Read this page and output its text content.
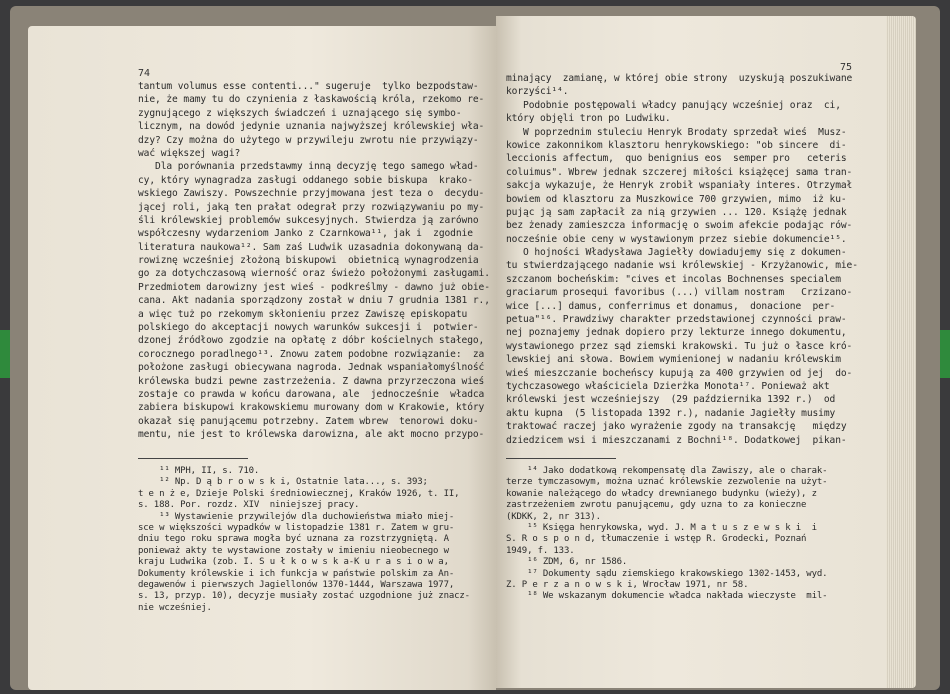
74
tantum volumus esse contenti..." sugeruje  tylko bezpodstaw-
nie, że mamy tu do czynienia z łaskawością króla, rzekomo re-
zygnującego z większych świadczeń i uznającego się symbo-
licznym, na dowód jedynie uznania najwyższej królewskiej wła-
dzy? Czy można do użytego w przywileju zwrotu nie przywiązy-
wać większej wagi?
Dla porównania przedstawmy inną decyzję tego samego wład-
cy, który wynagradza zasługi oddanego sobie biskupa  krako-
wskiego Zawiszy. Powszechnie przyjmowana jest teza o  decydu-
jącej roli, jaką ten prałat odegrał przy rozwiązywaniu po my-
śli królewskiej problemów sukcesyjnych. Stwierdza ją zarówno
współczesny wydarzeniom Janko z Czarnkowa¹¹, jak i  zgodnie
literatura naukowa¹². Sam zaś Ludwik uzasadnia dokonywaną da-
rowiznę wcześniej złożoną biskupowi  obietnicą wynagrodzenia
go za dotychczasową wierność oraz świeżo położonymi zasługami.
Przedmiotem darowizny jest wieś - podkreślmy - dawno już obie-
cana. Akt nadania sporządzony został w dniu 7 grudnia 1381 r.,
a więc tuż po rzekomym skłonieniu przez Zawiszę episkopatu
polskiego do akceptacji nowych warunków sukcesji i  potwier-
dzonej źródłowo zgodzie na opłatę z dóbr kościelnych stałego,
corocznego poradlnego¹³. Znowu zatem podobne rozwiązanie:  za
położone zasługi obiecywana nagroda. Jednak wspaniałomyślność
królewska budzi pewne zastrzeżenia. Z dawna przyrzeczona wieś
zostaje co prawda w końcu darowana, ale  jednocześnie  władca
zabiera biskupowi krakowskiemu murowany dom w Krakowie, który
okazał się panującemu potrzebny. Zatem wbrew  tenorowi doku-
mentu, nie jest to królewska darowizna, ale akt mocno przypo-
¹¹ MPH, II, s. 710.
¹² Np. D ą b r o w s k i, Ostatnie lata..., s. 393;
t e n ż e, Dzieje Polski średniowiecznej, Kraków 1926, t. II,
s. 188. Por. rozdz. XIV  niniejszej pracy.
¹³ Wystawienie przywilejów dla duchowieństwa miało miej-
sce w większości wypadków w listopadzie 1381 r. Zatem w gru-
dniu tego roku sprawa mogła być uznana za rozstrzygniętą. A
ponieważ akty te wystawione zostały w imieniu nieobecnego w
kraju Ludwika (zob. I. S u ł k o w s k a-K u r a s i o w a,
Dokumenty królewskie i ich funkcja w państwie polskim za An-
degawenów i pierwszych Jagiellonów 1370-1444, Warszawa 1977,
s. 13, przyp. 10), decyzje musiały zostać uzgodnione już znacz-
nie wcześniej.
75
minający  zamianę, w której obie strony  uzyskują poszukiwane
korzyści¹⁴.
Podobnie postępowali władcy panujący wcześniej oraz  ci,
który objęli tron po Ludwiku.
W poprzednim stuleciu Henryk Brodaty sprzedał wieś  Musz-
kowice zakonnikom klasztoru henrykowskiego: "ob sincere  di-
leccionis affectum,  quo benignius eos  semper pro   ceteris
coluimus". Wbrew jednak szczerej miłości książęcej sama tran-
sakcja wykazuje, że Henryk zrobił wspaniały interes. Otrzymał
bowiem od klasztoru za Muszkowice 700 grzywien, mimo  iż ku-
pując ją sam zapłacił za nią grzywien ... 120. Książę jednak
bez żenady zamieszcza informację o swoim afekcie podając rów-
nocześnie obie ceny w wystawionym przez siebie dokumencie¹⁵.
O hojności Władysława Jagiełły dowiadujemy się z dokumen-
tu stwierdzającego nadanie wsi królewskiej - Krzyżanowic, mie-
szczanom bocheńskim: "cives et incolas Bochnenses specialem
graciarum prosequi favoribus (...) villam nostram   Crzizano-
wice [...] damus, conferrimus et donamus,  donacione  per-
petua"¹⁶. Prawdziwy charakter przedstawionej czynności praw-
nej poznajemy jednak dopiero przy lekturze innego dokumentu,
wystawionego przez sąd ziemski krakowski. Tu już o łasce kró-
lewskiej ani słowa. Bowiem wymienionej w nadaniu królewskim
wieś mieszczanie bocheńscy kupują za 400 grzywien od jej  do-
tychczasowego właściciela Dzierżka Monota¹⁷. Ponieważ akt
królewski jest wcześniejszy  (29 października 1392 r.)  od
aktu kupna  (5 listopada 1392 r.), nadanie Jagiełły musimy
traktować raczej jako wyrażenie zgody na transakcję   między
dziedzicem wsi i mieszczanami z Bochni¹⁸. Dodatkowej  pikan-
¹⁴ Jako dodatkową rekompensatę dla Zawiszy, ale o charak-
terze tymczasowym, można uznać królewskie zezwolenie na użyt-
kowanie należącego do władcy drewnianego budynku (wieży), z
zastrzeżeniem zwrotu panującemu, gdy uzna to za konieczne
(KDKK, 2, nr 313).
¹⁵ Księga henrykowska, wyd. J. M a t u s z e w s k i  i
S. R o s p o n d, tłumaczenie i wstęp R. Grodecki, Poznań
1949, f. 133.
¹⁶ ZDM, 6, nr 1586.
¹⁷ Dokumenty sądu ziemskiego krakowskiego 1302-1453, wyd.
Z. P e r z a n o w s k i, Wrocław 1971, nr 58.
¹⁸ We wskazanym dokumencie władca nakłada wieczyste  mil-
